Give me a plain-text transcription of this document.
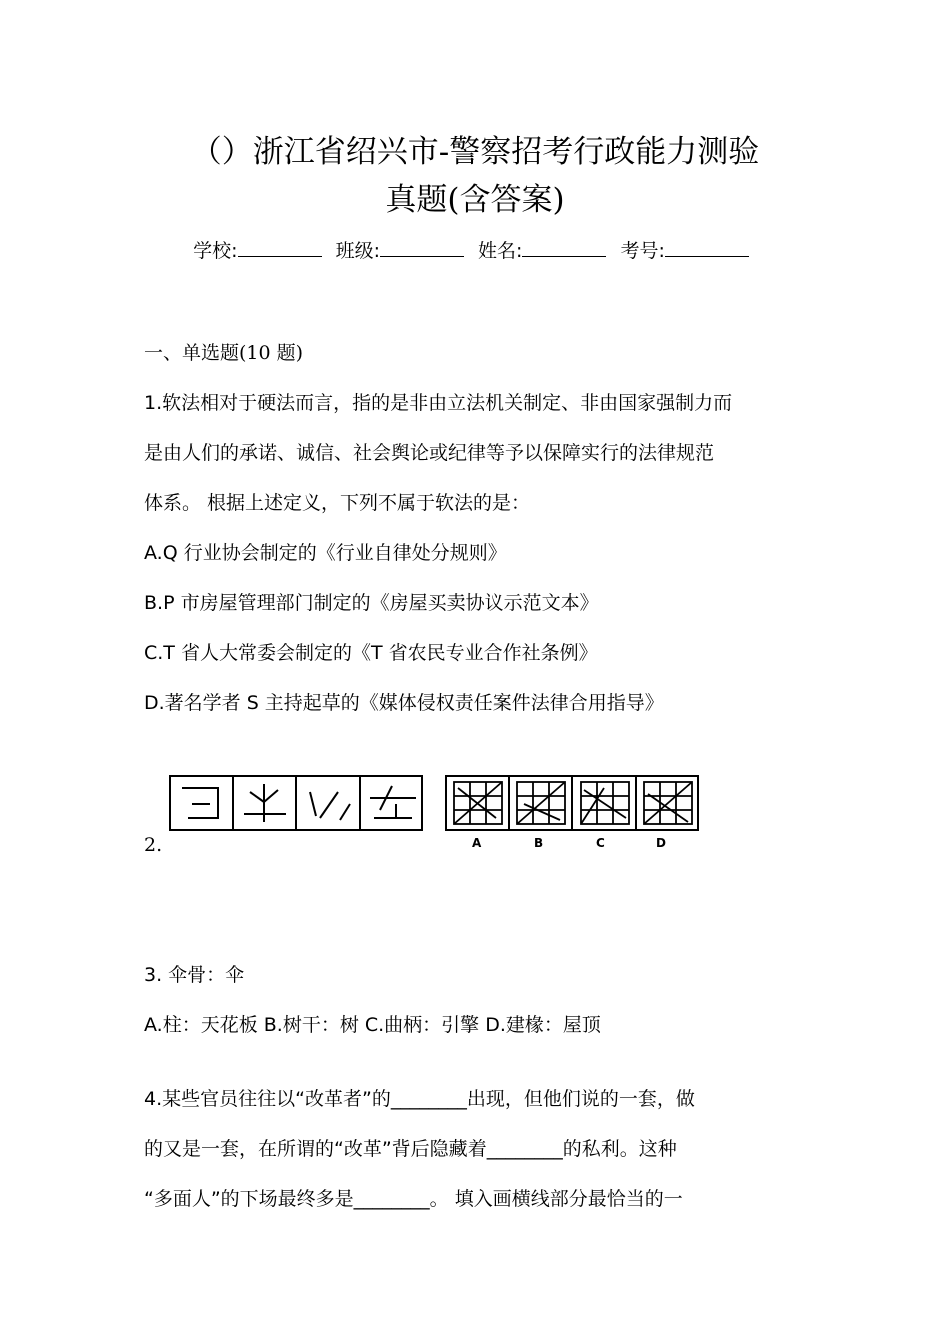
（）浙江省绍兴市-警察招考行政能力测验
真题(含答案)
学校:	班级:	姓名:	考号:
一、单选题(10 题)
1.软法相对于硬法而言，指的是非由立法机关制定、非由国家强制力而
是由人们的承诺、诚信、社会舆论或纪律等予以保障实行的法律规范
体系。 根据上述定义，下列不属于软法的是：
A.Q 行业协会制定的《行业自律处分规则》
B.P 市房屋管理部门制定的《房屋买卖协议示范文本》
C.T 省人大常委会制定的《T 省农民专业合作社条例》
D.著名学者 S 主持起草的《媒体侵权责任案件法律合用指导》
2.	A	B	C	D
3. 伞骨：伞
A.柱：天花板 B.树干：树 C.曲柄：引擎 D.建椽：屋顶
4.某些官员往往以“改革者”的________出现，但他们说的一套，做
的又是一套，在所谓的“改革”背后隐藏着________的私利。这种
“多面人”的下场最终多是________。 填入画横线部分最恰当的一
